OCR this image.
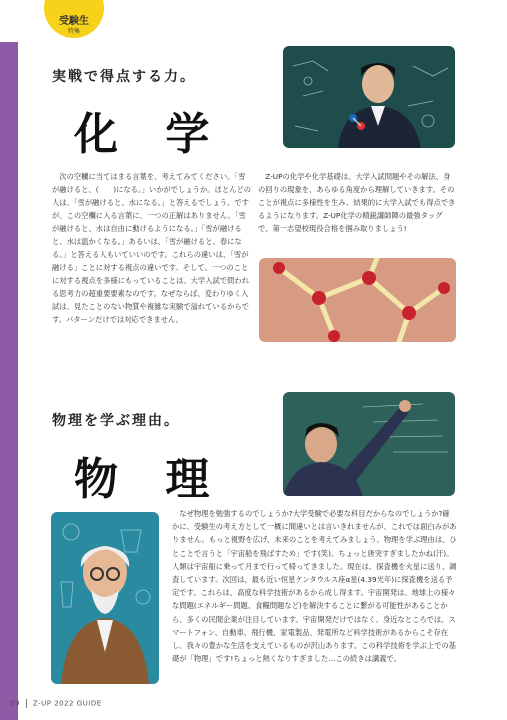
受験生
特集
実戦で得点する力。
化 学

次の空欄に当てはまる言葉を、考えてみてください。「雪が融けると、(　　)になる。」いかがでしょうか。ほとんどの人は、「雪が融けると、水になる。」と答えるでしょう。ですが、この空欄に入る言葉に、一つの正解はありません。「雪が融けると、水は自由に動けるようになる。」「雪が融けると、水は温かくなる。」あるいは、「雪が融けると、春になる。」と答える人もいていいのです。これらの違いは、「雪が融ける」ことに対する視点の違いです。そして、一つのことに対する視点を多様にもっていることは、大学入試で問われる思考力の超重要要素なのです。なぜならば、変わりゆく入試は、見たことのない物質や複雑な実験で溢れているからです。パターンだけでは対応できません。

Z-UPの化学や化学基礎は、大学入試問題やその解法、身の回りの現象を、あらゆる角度から理解していきます。そのことが視点に多様性を生み、結果的に大学入試でも得点できるようになります。Z-UP化学の精鋭講師陣の最強タッグで、第一志望校現役合格を掴み取りましょう!

物理を学ぶ理由。
物 理

なぜ物理を勉強するのでしょうか?大学受験で必要な科目だからなのでしょうか?確かに、受験生の考え方として一概に間違いとは言いきれませんが、これでは面白みがありません。もっと視野を広げ、未来のことを考えてみましょう。物理を学ぶ理由は、ひとことで言うと「宇宙船を飛ばすため」です(笑)。ちょっと唐突すぎましたかね(汗)。人類は宇宙船に乗って月まで行って帰ってきました。現在は、探査機を火星に送り、調査しています。次回は、最も近い恒星ケンタウルス座α星(4.39光年)に探査機を送る予定です。これらは、高度な科学技術があるから成し得ます。宇宙開発は、地球上の様々な問題(エネルギー問題、食糧問題など)を解決することに繋がる可能性があることから、多くの民間企業が注目しています。宇宙開発だけではなく、身近なところでは、スマートフォン、自動車、飛行機、家電製品、発電所など科学技術があるからこそ存在し、我々の豊かな生活を支えているものが沢山あります。この科学技術を学ぶ上での基礎が「物理」です!ちょっと熱くなりすぎました…この続きは講義で。

09 Z-UP 2022 GUIDE
